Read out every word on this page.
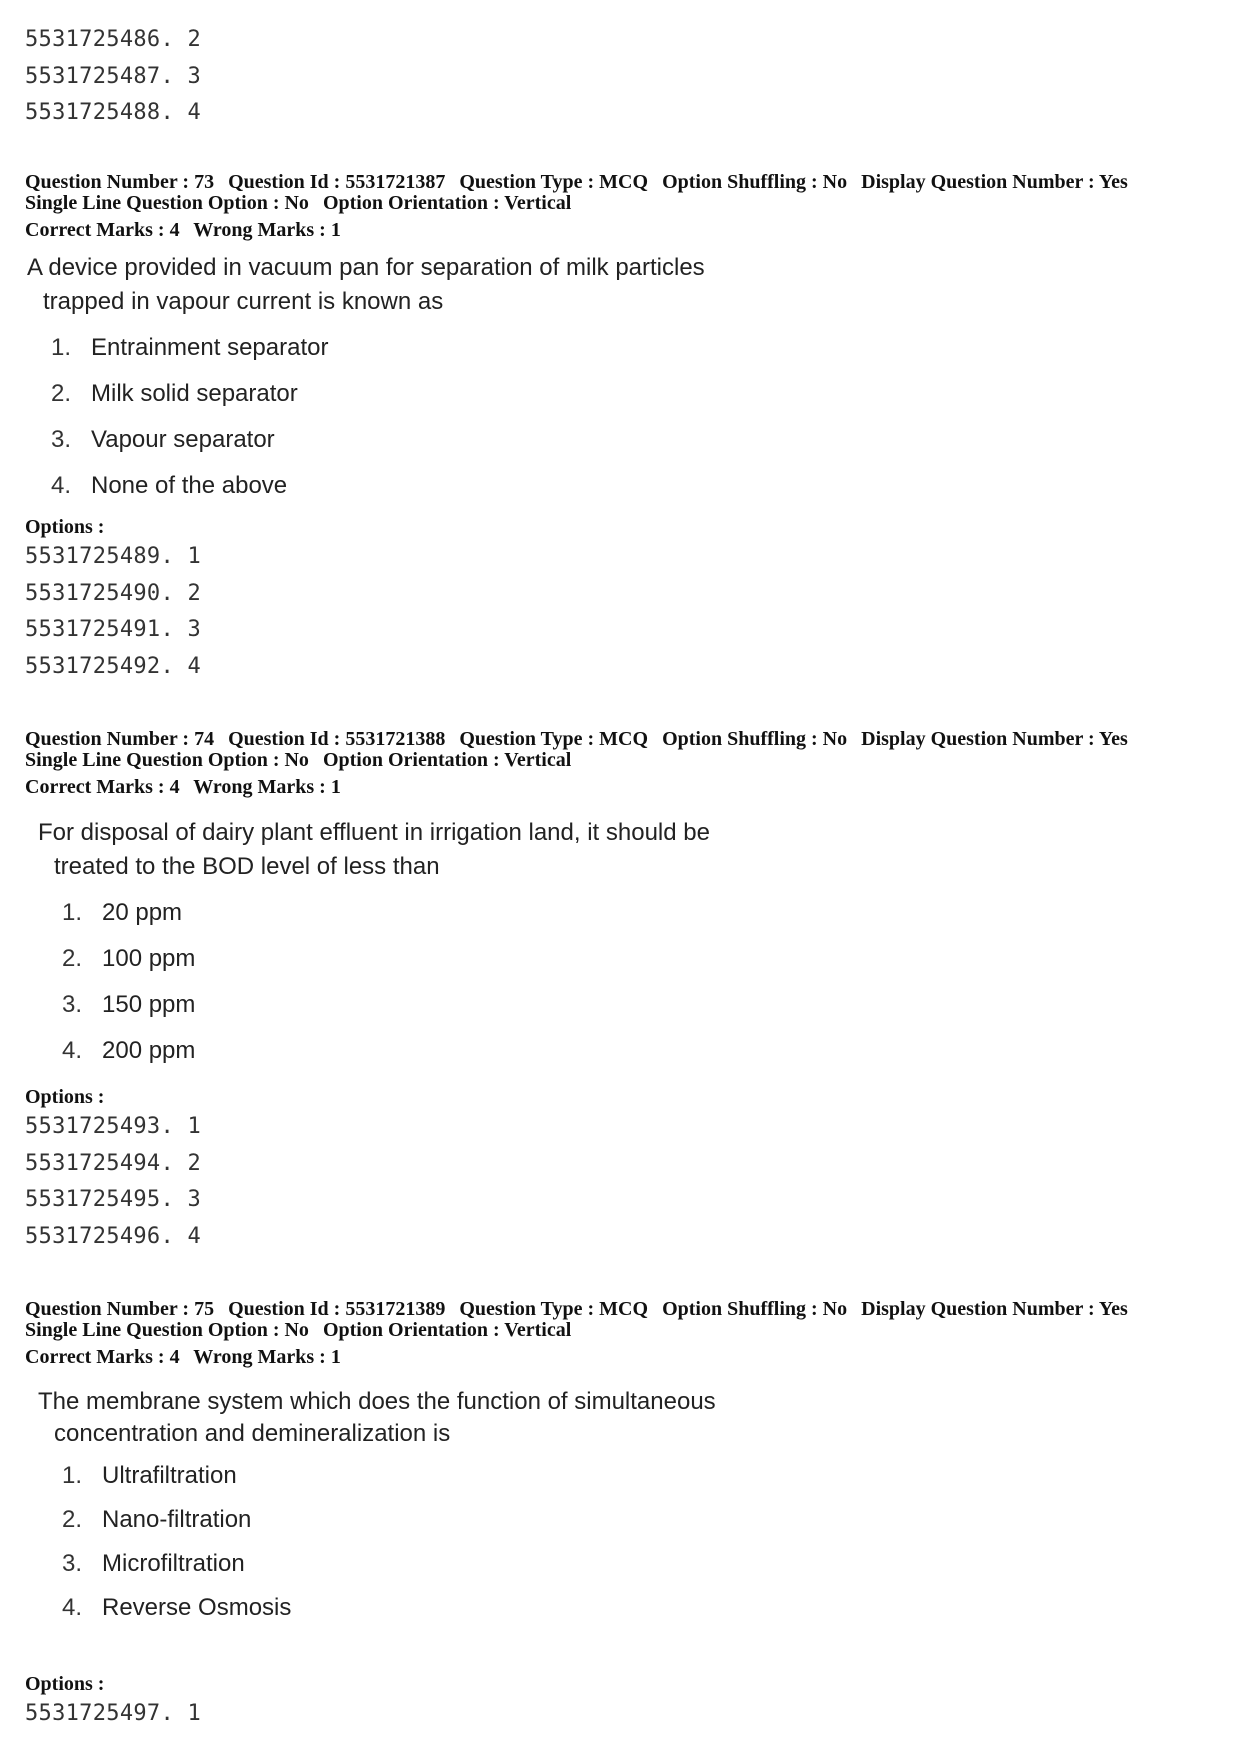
5531725486. 2
5531725487. 3
5531725488. 4
Question Number : 73 Question Id : 5531721387 Question Type : MCQ Option Shuffling : No Display Question Number : Yes
Single Line Question Option : No Option Orientation : Vertical
Correct Marks : 4 Wrong Marks : 1
A device provided in vacuum pan for separation of milk particles
trapped in vapour current is known as
1. Entrainment separator
2. Milk solid separator
3. Vapour separator
4. None of the above
Options :
5531725489. 1
5531725490. 2
5531725491. 3
5531725492. 4
Question Number : 74 Question Id : 5531721388 Question Type : MCQ Option Shuffling : No Display Question Number : Yes
Single Line Question Option : No Option Orientation : Vertical
Correct Marks : 4 Wrong Marks : 1
For disposal of dairy plant effluent in irrigation land, it should be
treated to the BOD level of less than
1. 20 ppm
2. 100 ppm
3. 150 ppm
4. 200 ppm
Options :
5531725493. 1
5531725494. 2
5531725495. 3
5531725496. 4
Question Number : 75 Question Id : 5531721389 Question Type : MCQ Option Shuffling : No Display Question Number : Yes
Single Line Question Option : No Option Orientation : Vertical
Correct Marks : 4 Wrong Marks : 1
The membrane system which does the function of simultaneous
concentration and demineralization is
1. Ultrafiltration
2. Nano-filtration
3. Microfiltration
4. Reverse Osmosis
Options :
5531725497. 1
